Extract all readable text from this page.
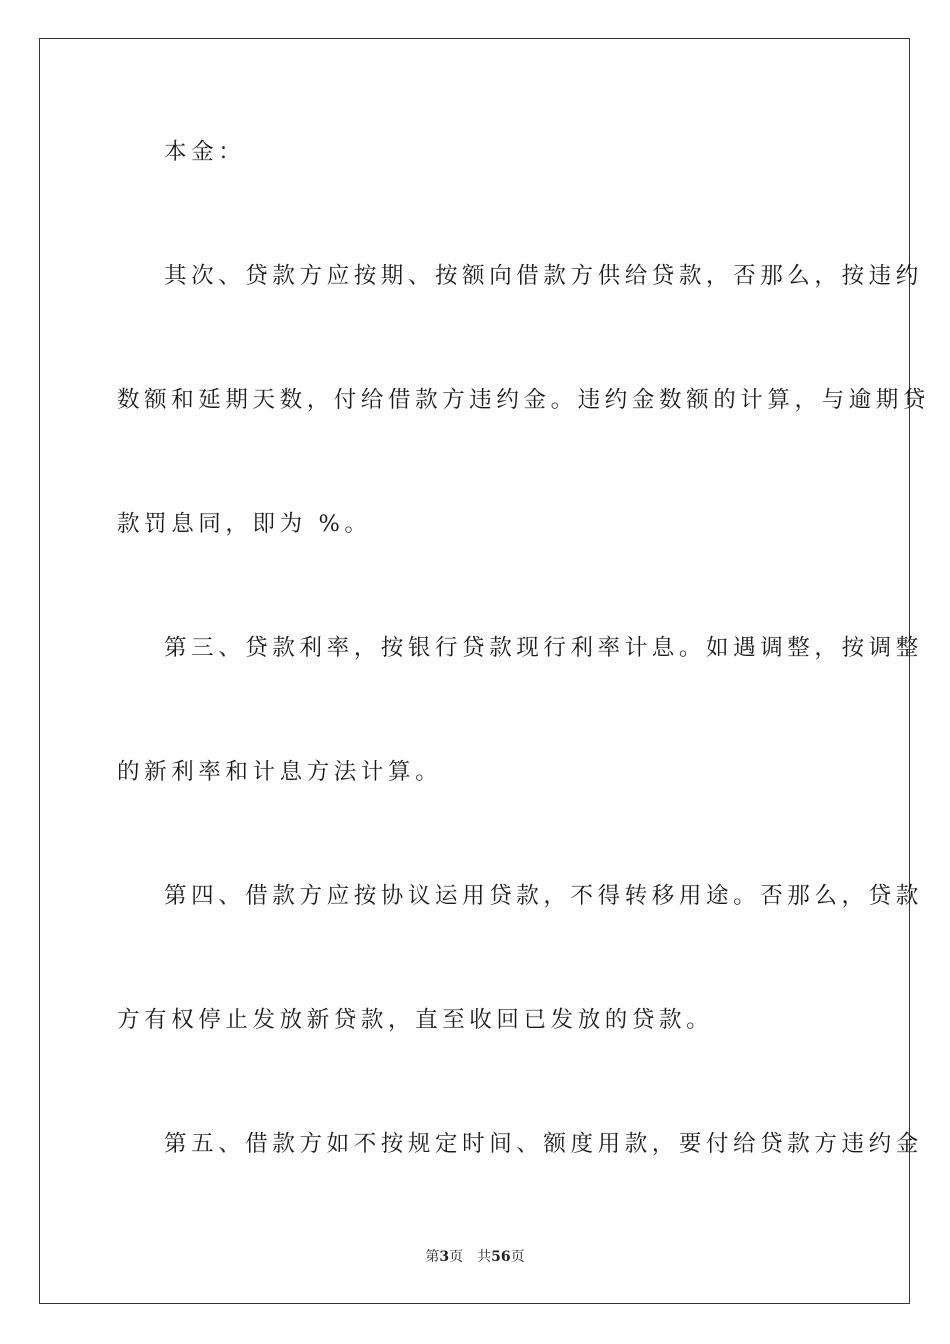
本金：
其次、贷款方应按期、按额向借款方供给贷款，否那么，按违约
数额和延期天数，付给借款方违约金。违约金数额的计算，与逾期贷
款罚息同，即为 %。
第三、贷款利率，按银行贷款现行利率计息。如遇调整，按调整
的新利率和计息方法计算。
第四、借款方应按协议运用贷款，不得转移用途。否那么，贷款
方有权停止发放新贷款，直至收回已发放的贷款。
第五、借款方如不按规定时间、额度用款，要付给贷款方违约金
第3页 共56页
